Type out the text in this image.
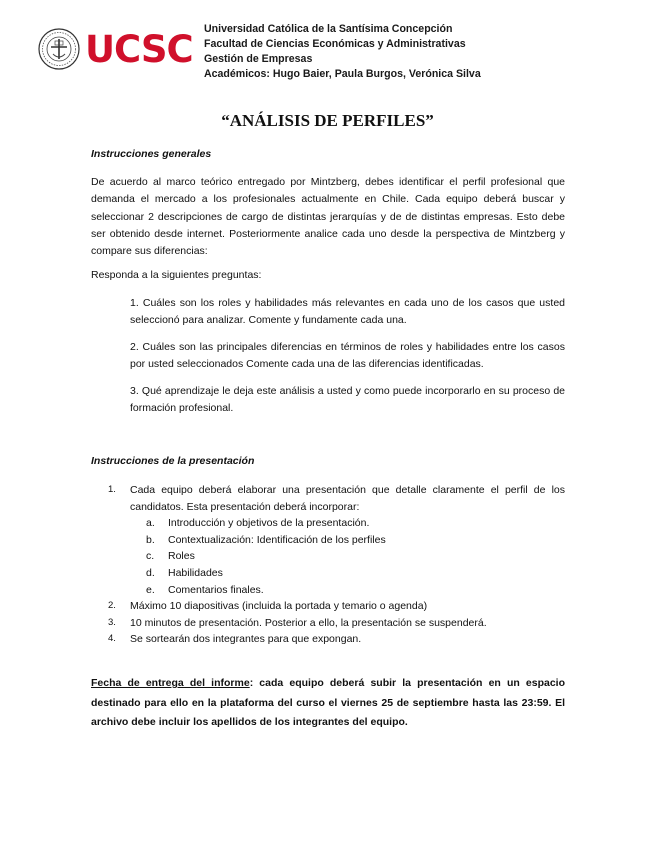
UCSC Universidad Católica de la Santísima Concepción
Facultad de Ciencias Económicas y Administrativas
Gestión de Empresas
Académicos: Hugo Baier, Paula Burgos, Verónica Silva
“ANÁLISIS DE PERFILES”
Instrucciones generales

De acuerdo al marco teórico entregado por Mintzberg, debes identificar el perfil profesional que demanda el mercado a los profesionales actualmente en Chile. Cada equipo deberá buscar y seleccionar 2 descripciones de cargo de distintas jerarquías y de de distintas empresas. Esto debe ser obtenido desde internet. Posteriormente analice cada uno desde la perspectiva de Mintzberg y compare sus diferencias:

Responda a la siguientes preguntas:

1. Cuáles son los roles y habilidades más relevantes en cada uno de los casos que usted seleccionó para analizar. Comente y fundamente cada una.

2. Cuáles son las principales diferencias en términos de roles y habilidades entre los casos por usted seleccionados Comente cada una de las diferencias identificadas.

3. Qué aprendizaje le deja este análisis a usted y como puede incorporarlo en su proceso de formación profesional.

Instrucciones de la presentación
1. Cada equipo deberá elaborar una presentación que detalle claramente el perfil de los candidatos. Esta presentación deberá incorporar:
a. Introducción y objetivos de la presentación.
b. Contextualización: Identificación de los perfiles
c. Roles
d. Habilidades
e. Comentarios finales.
2. Máximo 10 diapositivas (incluida la portada y temario o agenda)
3. 10 minutos de presentación. Posterior a ello, la presentación se suspenderá.
4. Se sortearán dos integrantes para que expongan.

Fecha de entrega del informe: cada equipo deberá subir la presentación en un espacio destinado para ello en la plataforma del curso el viernes 25 de septiembre hasta las 23:59. El archivo debe incluir los apellidos de los integrantes del equipo.
